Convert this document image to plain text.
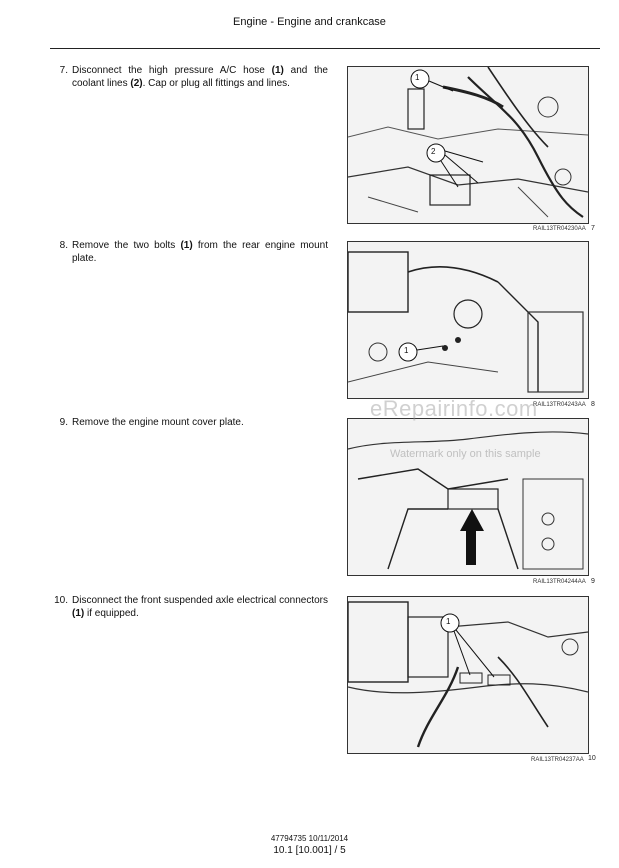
Engine - Engine and crankcase
7. Disconnect the high pressure A/C hose (1) and the coolant lines (2). Cap or plug all fittings and lines.
8. Remove the two bolts (1) from the rear engine mount plate.
9. Remove the engine mount cover plate.
10. Disconnect the front suspended axle electrical connectors (1) if equipped.
1
2
RAIL13TR04230AA 7
1
RAIL13TR04243AA 8
RAIL13TR04244AA 9
1
RAIL13TR04237AA 10
eRepairinfo.com
Watermark only on this sample
47794735 10/11/2014
10.1 [10.001] / 5
